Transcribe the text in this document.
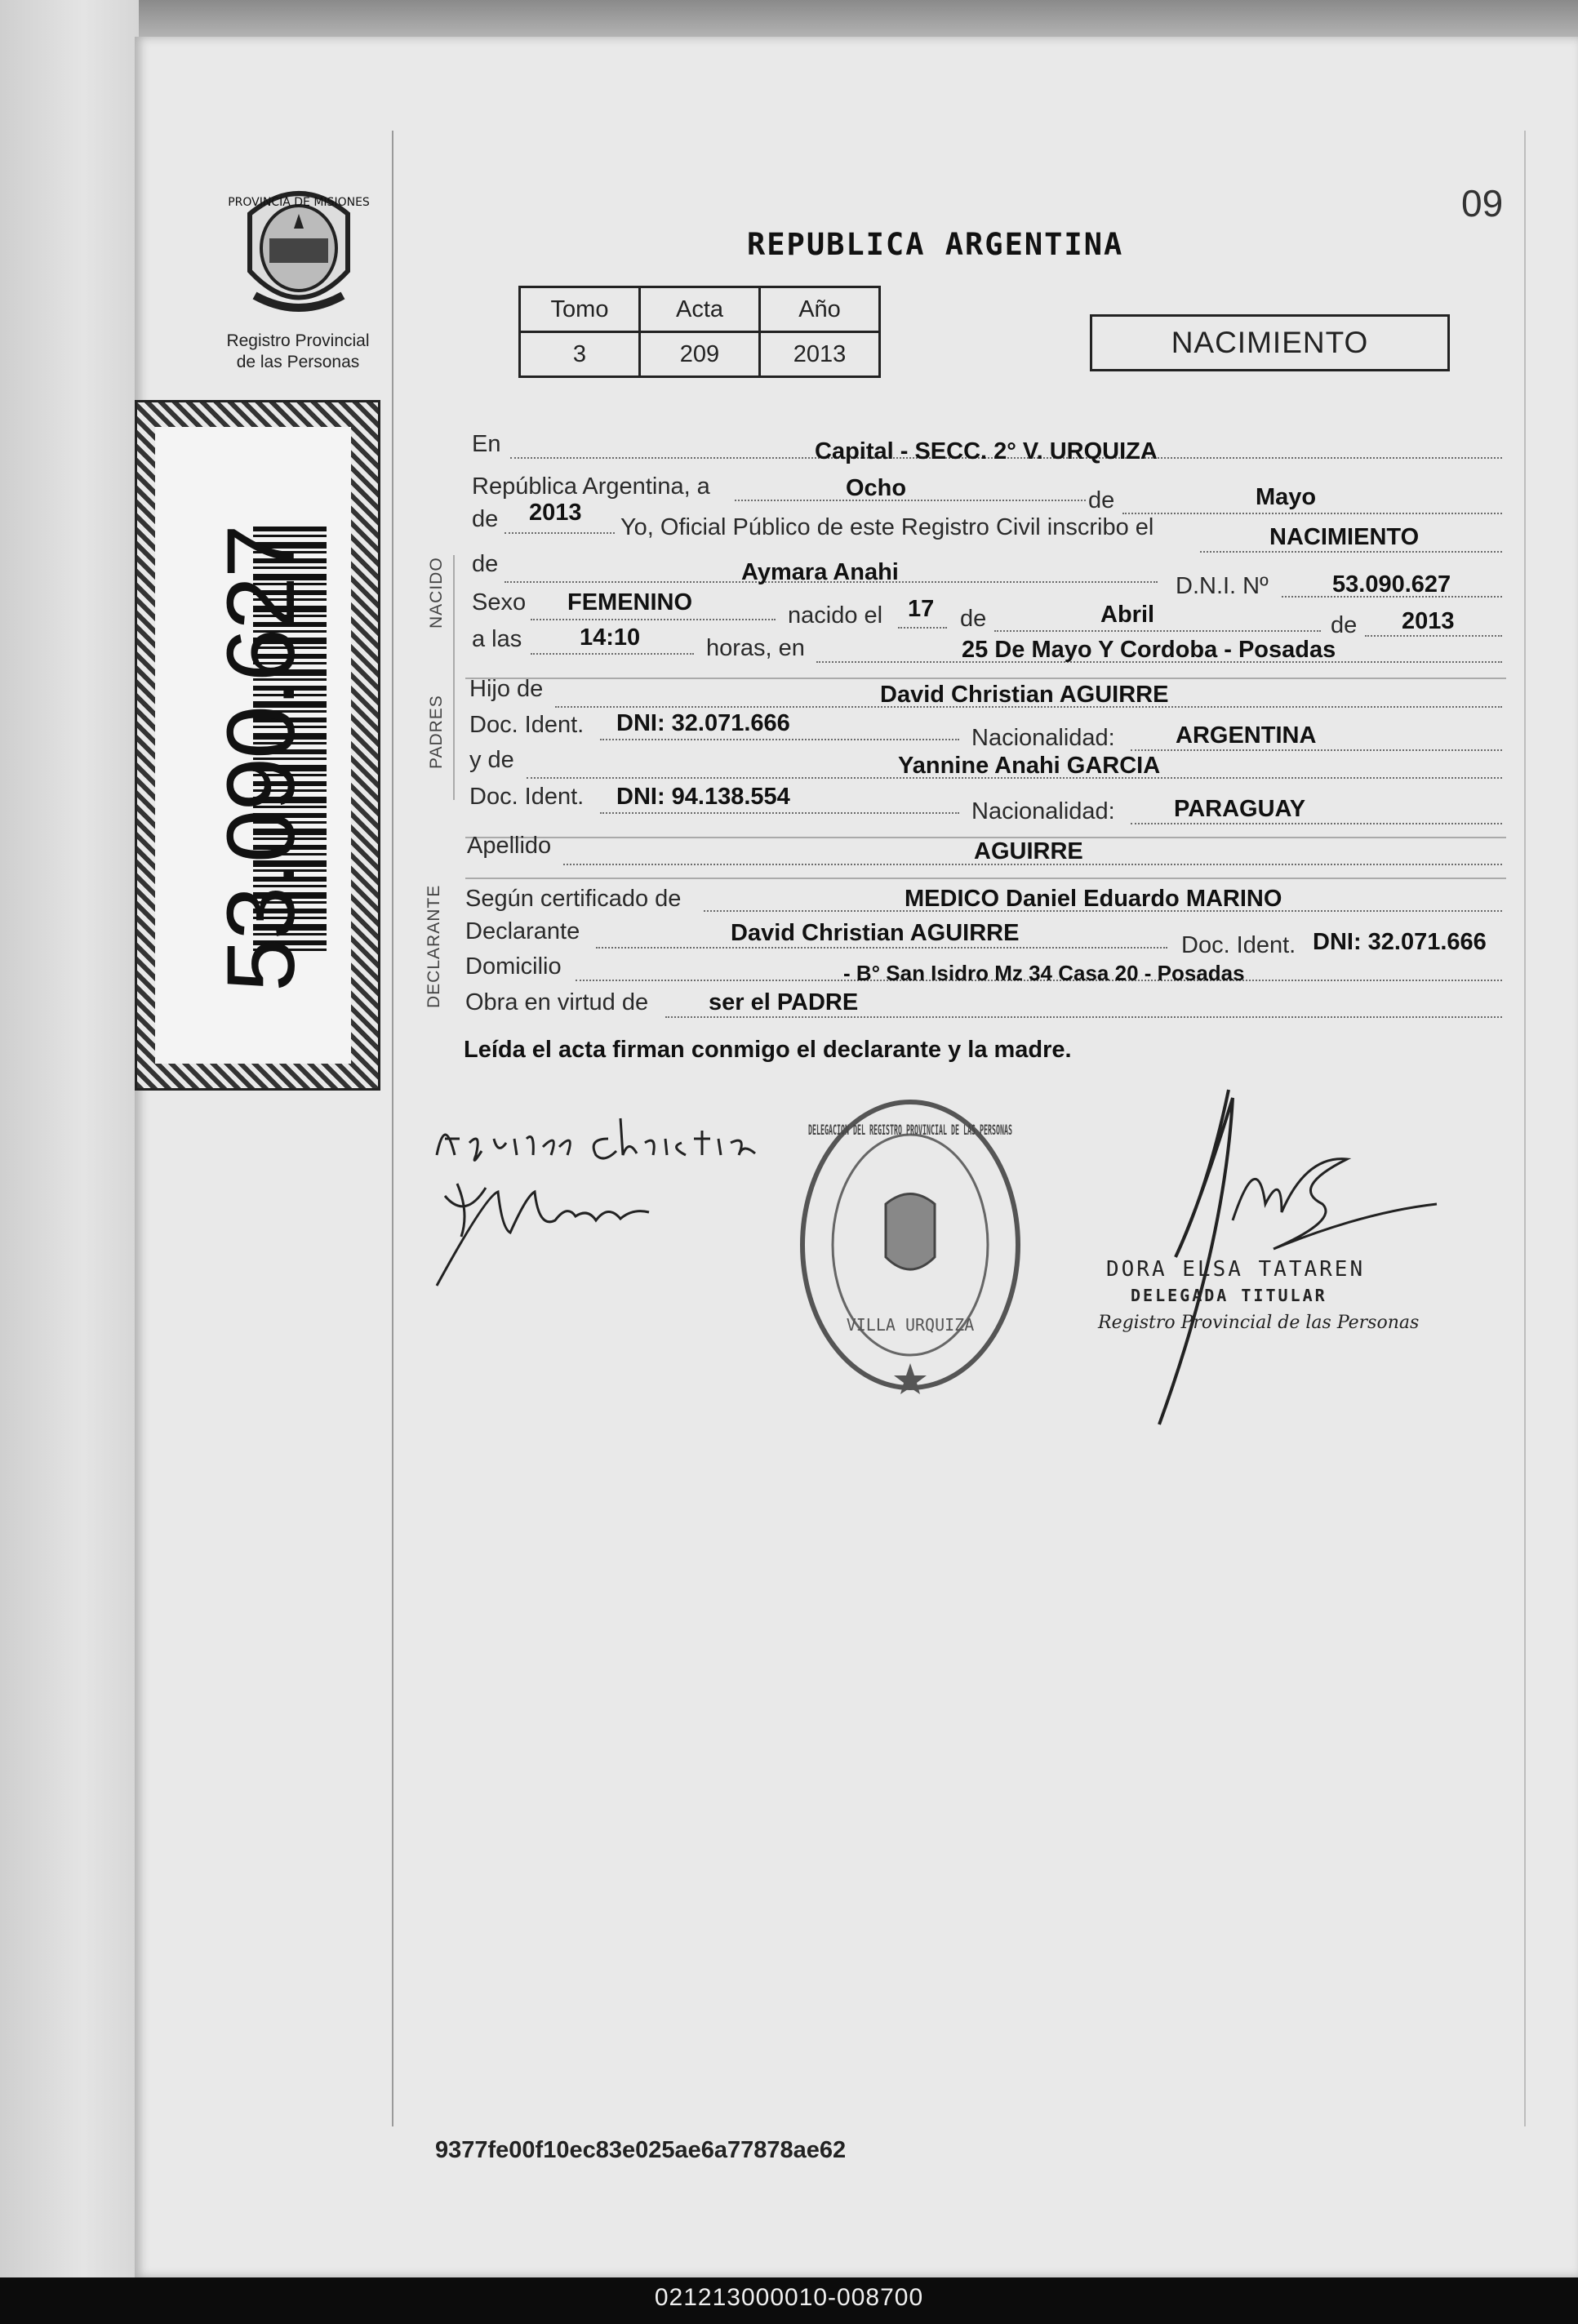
PROVINCIA DE MISIONES
Registro Provincial
de las Personas
53.090.627
09
REPUBLICA ARGENTINA
Tomo	Acta	Año
3	209	2013	NACIMIENTO
NACIDO
PADRES
DECLARANTE
En	Capital - SECC. 2° V. URQUIZA
República Argentina, a	Ocho	de	Mayo
de 2013
Yo, Oficial Público de este Registro Civil inscribo el	NACIMIENTO
de	Aymara Anahi
D.N.I. Nº	53.090.627
Sexo FEMENINO	nacido el 17 de	Abril	de 2013
a las 14:10	horas, en	25 De Mayo Y Cordoba - Posadas
Hijo de	David Christian AGUIRRE
Doc. Ident. DNI: 32.071.666
Nacionalidad:	ARGENTINA
y de	Yannine Anahi GARCIA
Doc. Ident. DNI: 94.138.554
Nacionalidad: PARAGUAY
Apellido	AGUIRRE
Según certificado de	MEDICO Daniel Eduardo MARINO
Declarante	David Christian AGUIRRE	Doc. Ident. DNI: 32.071.666
Domicilio	- B° San Isidro Mz 34 Casa 20 - Posadas
Obra en virtud de	ser el PADRE
Leída el acta firman conmigo el declarante y la madre.
DELEGACION DEL REGISTRO PROVINCIAL DE LAS PERSONAS
VILLA URQUIZA
DORA ELSA TATAREN
DELEGADA TITULAR
Registro Provincial de las Personas
9377fe00f10ec83e025ae6a77878ae62
021213000010-008700
